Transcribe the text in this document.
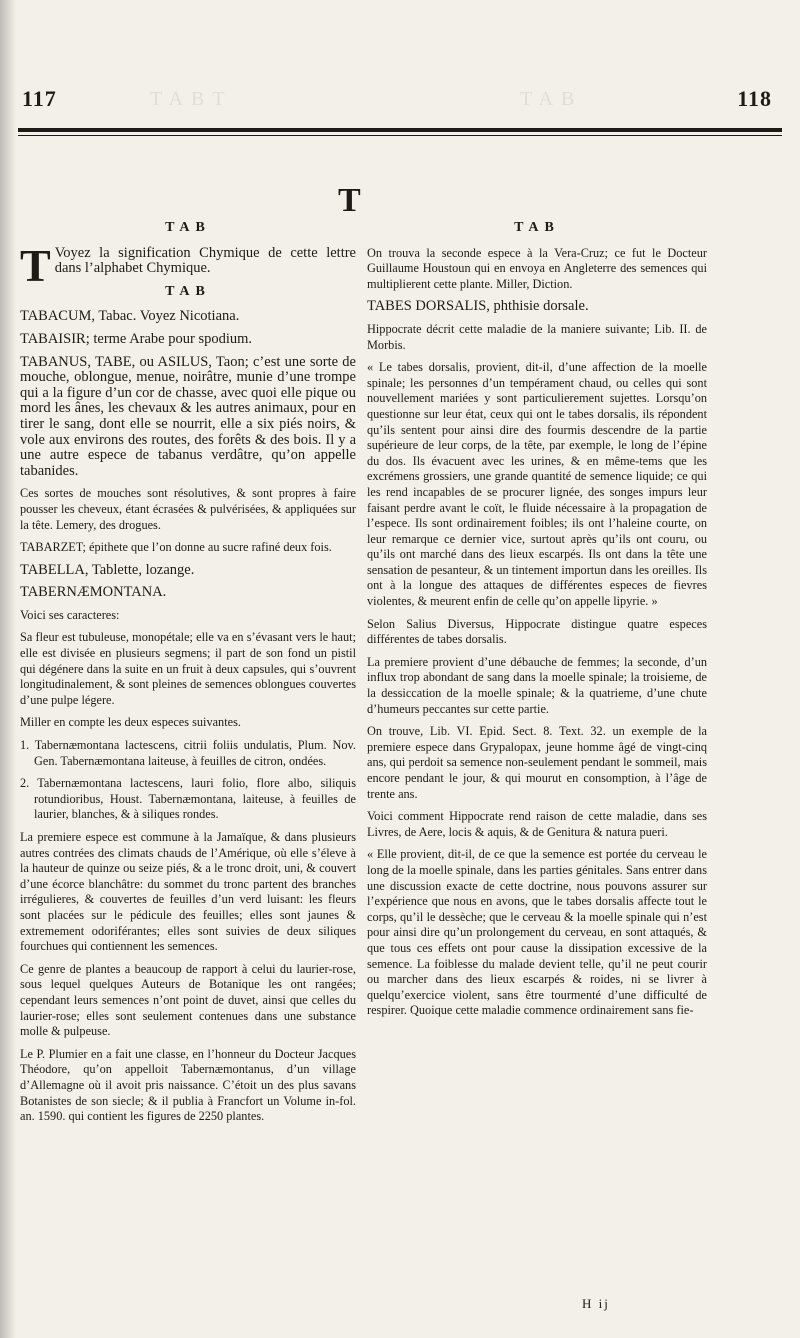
117	118
TABT	TAB
T
TAB

T Voyez la signification Chymique de cette lettre dans l’alphabet Chymique.

TAB

TABACUM, Tabac. Voyez Nicotiana.

TABAISIR; terme Arabe pour spodium.

TABANUS, TABE, ou ASILUS, Taon; c’est une sorte de mouche, oblongue, menue, noirâtre, munie d’une trompe qui a la figure d’un cor de chasse, avec quoi elle pique ou mord les ânes, les chevaux & les autres animaux, pour en tirer le sang, dont elle se nourrit, elle a six piés noirs, & vole aux environs des routes, des forêts & des bois. Il y a une autre espece de tabanus verdâtre, qu’on appelle tabanides.

Ces sortes de mouches sont résolutives, & sont propres à faire pousser les cheveux, étant écrasées & pulvérisées, & appliquées sur la tête. Lemery, des drogues.

TABARZET; épithete que l’on donne au sucre rafiné deux fois.

TABELLA, Tablette, lozange.

TABERNÆMONTANA.

Voici ses caracteres:

Sa fleur est tubuleuse, monopétale; elle va en s’évasant vers le haut; elle est divisée en plusieurs segmens; il part de son fond un pistil qui dégénere dans la suite en un fruit à deux capsules, qui s’ouvrent longitudinalement, & sont pleines de semences oblongues couvertes d’une pulpe légere.

Miller en compte les deux especes suivantes.

1. Tabernæmontana lactescens, citrii foliis undulatis, Plum. Nov. Gen. Tabernæmontana laiteuse, à feuilles de citron, ondées.

2. Tabernæmontana lactescens, lauri folio, flore albo, siliquis rotundioribus, Houst. Tabernæmontana, laiteuse, à feuilles de laurier, blanches, & à siliques rondes.

La premiere espece est commune à la Jamaïque, & dans plusieurs autres contrées des climats chauds de l’Amérique, où elle s’éleve à la hauteur de quinze ou seize piés, & a le tronc droit, uni, & couvert d’une écorce blanchâtre: du sommet du tronc partent des branches irrégulieres, & couvertes de feuilles d’un verd luisant: les fleurs sont placées sur le pédicule des feuilles; elles sont jaunes & extremement odoriférantes; elles sont suivies de deux siliques fourchues qui contiennent les semences.

Ce genre de plantes a beaucoup de rapport à celui du laurier-rose, sous lequel quelques Auteurs de Botanique les ont rangées; cependant leurs semences n’ont point de duvet, ainsi que celles du laurier-rose; elles sont seulement contenues dans une substance molle & pulpeuse.

Le P. Plumier en a fait une classe, en l’honneur du Docteur Jacques Théodore, qu’on appelloit Tabernæmontanus, d’un village d’Allemagne où il avoit pris naissance. C’étoit un des plus savans Botanistes de son siecle; & il publia à Francfort un Volume in-fol. an. 1590. qui contient les figures de 2250 plantes.

TAB

On trouva la seconde espece à la Vera-Cruz; ce fut le Docteur Guillaume Houstoun qui en envoya en Angleterre des semences qui multiplierent cette plante. Miller, Diction.

TABES DORSALIS, phthisie dorsale.

Hippocrate décrit cette maladie de la maniere suivante; Lib. II. de Morbis.

« Le tabes dorsalis, provient, dit-il, d’une affection de la moelle spinale; les personnes d’un tempérament chaud, ou celles qui sont nouvellement mariées y sont particulierement sujettes. Lorsqu’on questionne sur leur état, ceux qui ont le tabes dorsalis, ils répondent qu’ils sentent pour ainsi dire des fourmis descendre de la partie supérieure de leur corps, de la tête, par exemple, le long de l’épine du dos. Ils évacuent avec les urines, & en même-tems que les excrémens grossiers, une grande quantité de semence liquide; ce qui les rend incapables de se procurer lignée, des songes impurs leur faisant perdre avant le coït, le fluide nécessaire à la propagation de l’espece. Ils sont ordinairement foibles; ils ont l’haleine courte, on leur remarque ce dernier vice, surtout après qu’ils ont couru, ou qu’ils ont marché dans des lieux escarpés. Ils ont dans la tête une sensation de pesanteur, & un tintement importun dans les oreilles. Ils ont à la longue des attaques de différentes especes de fievres violentes, & meurent enfin de celle qu’on appelle lipyrie. »

Selon Salius Diversus, Hippocrate distingue quatre especes différentes de tabes dorsalis.

La premiere provient d’une débauche de femmes; la seconde, d’un influx trop abondant de sang dans la moelle spinale; la troisieme, de la dessiccation de la moelle spinale; & la quatrieme, d’une chute d’humeurs peccantes sur cette partie.

On trouve, Lib. VI. Epid. Sect. 8. Text. 32. un exemple de la premiere espece dans Grypalopax, jeune homme âgé de vingt-cinq ans, qui perdoit sa semence non-seulement pendant le sommeil, mais encore pendant le jour, & qui mourut en consomption, à l’âge de trente ans.

Voici comment Hippocrate rend raison de cette maladie, dans ses Livres, de Aere, locis & aquis, & de Genitura & natura pueri.

« Elle provient, dit-il, de ce que la semence est portée du cerveau le long de la moelle spinale, dans les parties génitales. Sans entrer dans une discussion exacte de cette doctrine, nous pouvons assurer sur l’expérience que nous en avons, que le tabes dorsalis affecte tout le corps, qu’il le dessèche; que le cerveau & la moelle spinale qui n’est pour ainsi dire qu’un prolongement du cerveau, en sont attaqués, & que tous ces effets ont pour cause la dissipation excessive de la semence. La foiblesse du malade devient telle, qu’il ne peut courir ou marcher dans des lieux escarpés & roides, ni se livrer à quelqu’exercice violent, sans être tourmenté d’une difficulté de respirer. Quoique cette maladie commence ordinairement sans fie-

H ij
